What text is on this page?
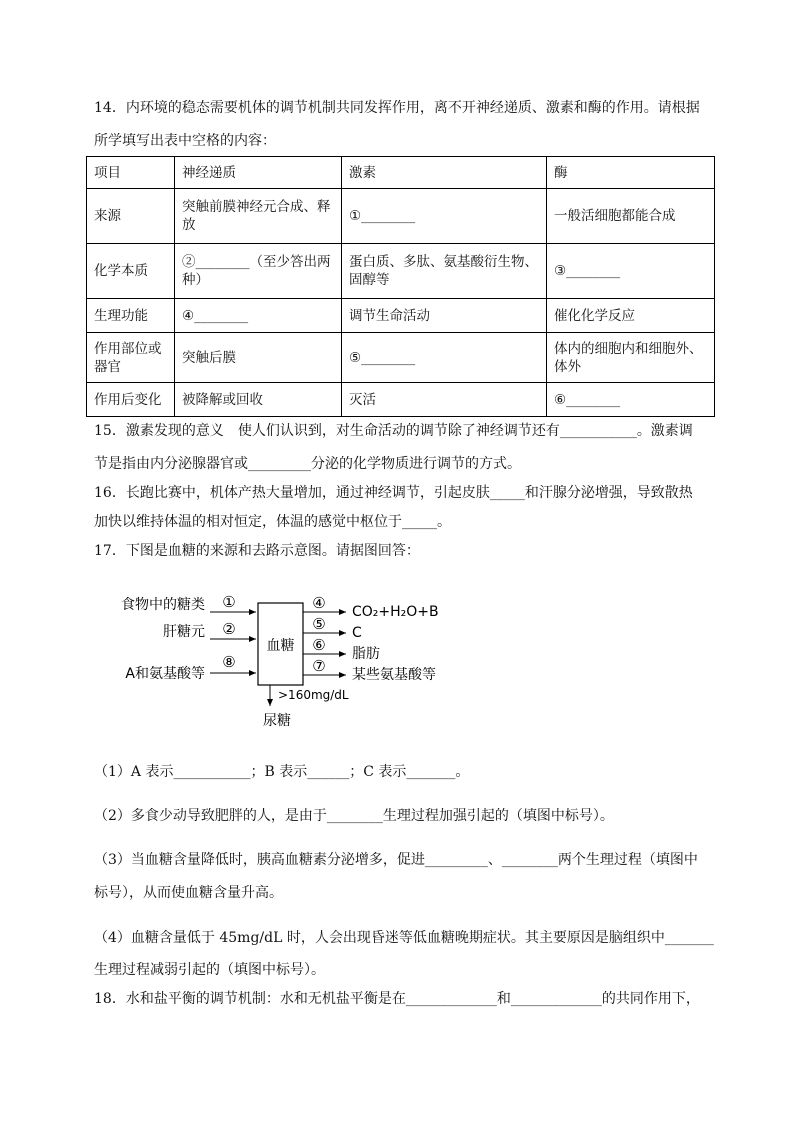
14．内环境的稳态需要机体的调节机制共同发挥作用，离不开神经递质、激素和酶的作用。请根据
所学填写出表中空格的内容：
项目	神经递质	激素	酶
来源	突触前膜神经元合成、释放	①________	一般活细胞都能合成
化学本质	②________（至少答出两种）	蛋白质、多肽、氨基酸衍生物、固醇等	③________
生理功能	④________	调节生命活动	催化化学反应
作用部位或器官	突触后膜	⑤________	体内的细胞内和细胞外、体外
作用后变化	被降解或回收	灭活	⑥________
15．激素发现的意义　使人们认识到，对生命活动的调节除了神经调节还有___________。激素调
节是指由内分泌腺器官或_________分泌的化学物质进行调节的方式。
16．长跑比赛中，机体产热大量增加，通过神经调节，引起皮肤_____和汗腺分泌增强，导致散热
加快以维持体温的相对恒定，体温的感觉中枢位于_____。
17．下图是血糖的来源和去路示意图。请据图回答：
血糖
食物中的糖类 ①
肝糖元 ②
A和氨基酸等
⑧
④ CO₂+H₂O+B
⑤ C
⑥ 脂肪
⑦ 某些氨基酸等
>160mg/dL
尿糖
（1）A 表示___________；B 表示______；C 表示_______。
（2）多食少动导致肥胖的人，是由于________生理过程加强引起的（填图中标号）。
（3）当血糖含量降低时，胰高血糖素分泌增多，促进_________、________两个生理过程（填图中
标号），从而使血糖含量升高。
（4）血糖含量低于 45mg/dL 时，人会出现昏迷等低血糖晚期症状。其主要原因是脑组织中_______
生理过程减弱引起的（填图中标号）。
18．水和盐平衡的调节机制：水和无机盐平衡是在_____________和_____________的共同作用下，
